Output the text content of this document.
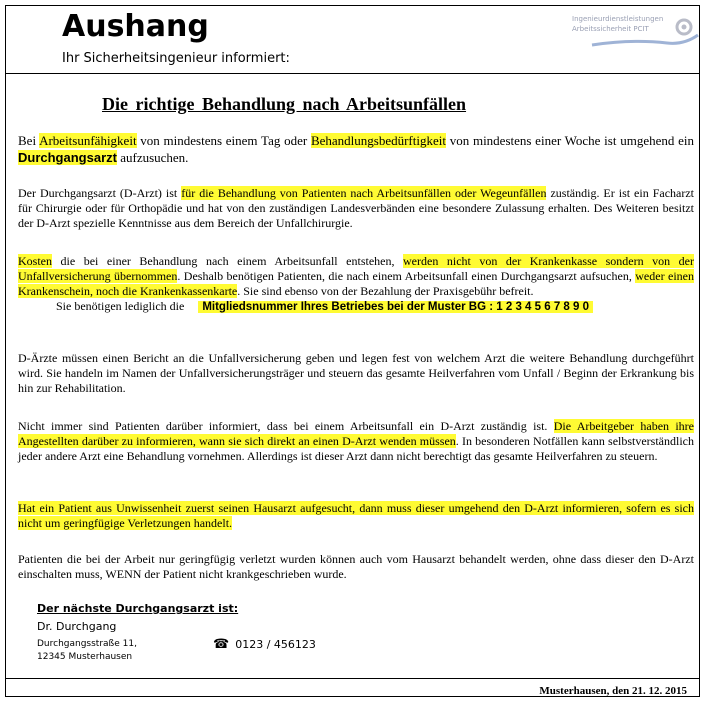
Aushang
Ihr Sicherheitsingenieur informiert:
Ingenieurdienstleistungen
Arbeitssicherheit PCIT
Die richtige Behandlung nach Arbeitsunfällen
Bei Arbeitsunfähigkeit von mindestens einem Tag oder Behandlungsbedürftigkeit von mindestens einer Woche ist umgehend ein Durchgangsarzt aufzusuchen.
Der Durchgangsarzt (D-Arzt) ist für die Behandlung von Patienten nach Arbeitsunfällen oder Wegeunfällen zuständig. Er ist ein Facharzt für Chirurgie oder für Orthopädie und hat von den zuständigen Landesverbänden eine besondere Zulassung erhalten. Des Weiteren besitzt der D-Arzt spezielle Kenntnisse aus dem Bereich der Unfallchirurgie.
Kosten die bei einer Behandlung nach einem Arbeitsunfall entstehen, werden nicht von der Krankenkasse sondern von der Unfallversicherung übernommen. Deshalb benötigen Patienten, die nach einem Arbeitsunfall einen Durchgangsarzt aufsuchen, weder einen Krankenschein, noch die Krankenkassenkarte. Sie sind ebenso von der Bezahlung der Praxisgebühr befreit.
Sie benötigen lediglich die Mitgliedsnummer Ihres Betriebes bei der Muster BG : 1 2 3 4 5 6 7 8 9 0
D-Ärzte müssen einen Bericht an die Unfallversicherung geben und legen fest von welchem Arzt die weitere Behandlung durchgeführt wird. Sie handeln im Namen der Unfallversicherungsträger und steuern das gesamte Heilverfahren vom Unfall / Beginn der Erkrankung bis hin zur Rehabilitation.
Nicht immer sind Patienten darüber informiert, dass bei einem Arbeitsunfall ein D-Arzt zuständig ist. Die Arbeitgeber haben ihre Angestellten darüber zu informieren, wann sie sich direkt an einen D-Arzt wenden müssen. In besonderen Notfällen kann selbstverständlich jeder andere Arzt eine Behandlung vornehmen. Allerdings ist dieser Arzt dann nicht berechtigt das gesamte Heilverfahren zu steuern.
Hat ein Patient aus Unwissenheit zuerst seinen Hausarzt aufgesucht, dann muss dieser umgehend den D-Arzt informieren, sofern es sich nicht um geringfügige Verletzungen handelt.
Patienten die bei der Arbeit nur geringfügig verletzt wurden können auch vom Hausarzt behandelt werden, ohne dass dieser den D-Arzt einschalten muss, WENN der Patient nicht krankgeschrieben wurde.
Der nächste Durchgangsarzt ist:
Dr. Durchgang
Durchgangsstraße 11,
12345 Musterhausen
☎ 0123 / 456123
Musterhausen, den 21. 12. 2015
